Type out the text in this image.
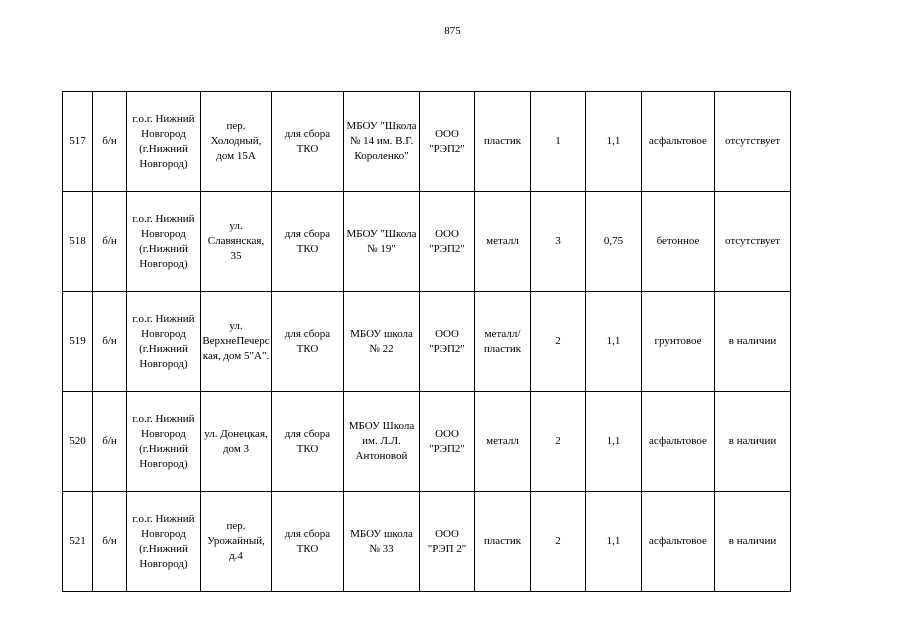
875
517	б/н	г.о.г. Нижний Новгород (г.Нижний Новгород)	пер. Холодный, дом 15А	для сбора ТКО	МБОУ "Школа № 14 им. В.Г. Короленко"	ООО "РЭП2"	пластик	1	1,1	асфальтовое	отсутствует
518	б/н	г.о.г. Нижний Новгород (г.Нижний Новгород)	ул. Славянская, 35	для сбора ТКО	МБОУ "Школа № 19"	ООО "РЭП2"	металл	3	0,75	бетонное	отсутствует
519	б/н	г.о.г. Нижний Новгород (г.Нижний Новгород)	ул. ВерхнеПечерская, дом 5"А".	для сбора ТКО	МБОУ школа № 22	ООО "РЭП2"	металл/пластик	2	1,1	грунтовое	в наличии
520	б/н	г.о.г. Нижний Новгород (г.Нижний Новгород)	ул. Донецкая, дом 3	для сбора ТКО	МБОУ Школа им. Л.Л. Антоновой	ООО "РЭП2"	металл	2	1,1	асфальтовое	в наличии
521	б/н	г.о.г. Нижний Новгород (г.Нижний Новгород)	пер. Урожайный, д.4	для сбора ТКО	МБОУ школа № 33	ООО "РЭП 2"	пластик	2	1,1	асфальтовое	в наличии
